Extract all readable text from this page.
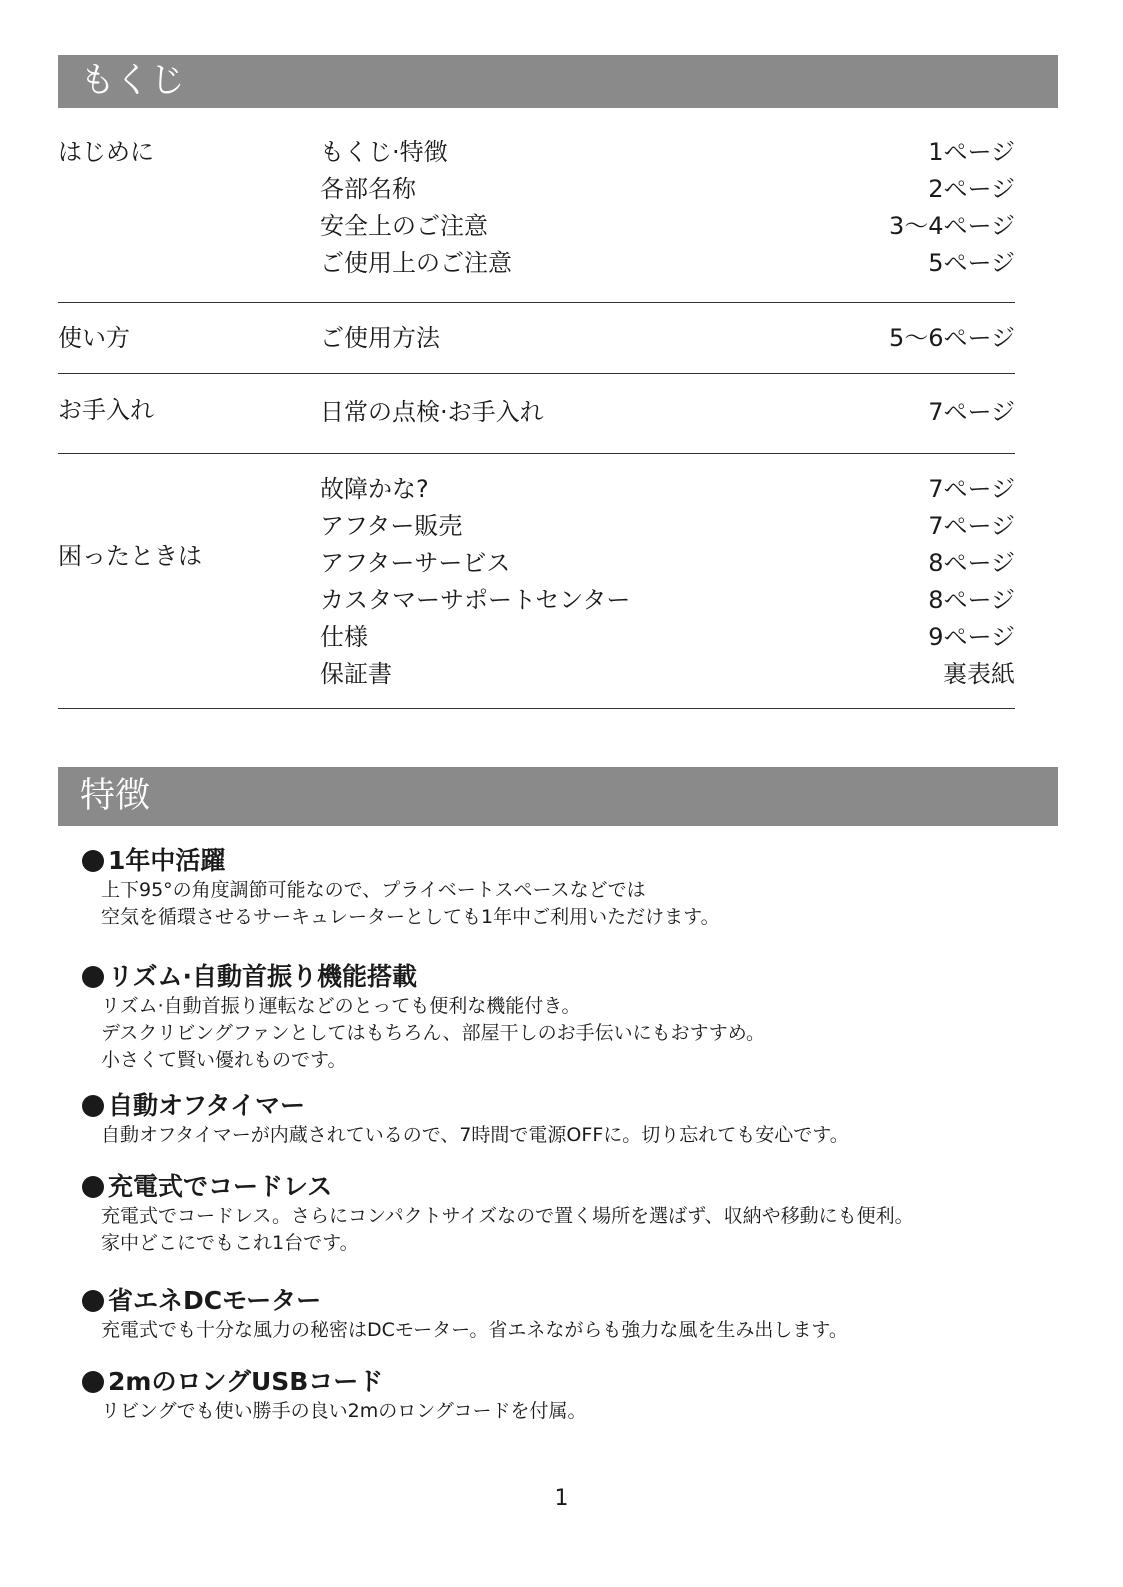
もくじ
はじめに	もくじ·特徴	1ページ
各部名称	2ページ
安全上のご注意	3～4ページ
ご使用上のご注意	5ページ
使い方	ご使用方法	5～6ページ
お手入れ	日常の点検·お手入れ	7ページ
困ったときは
故障かな?	7ページ
アフター販売	7ページ
アフターサービス	8ページ
カスタマーサポートセンター	8ページ
仕様	9ページ
保証書	裏表紙
特徴
1年中活躍
上下95°の角度調節可能なので、プライベートスペースなどでは
空気を循環させるサーキュレーターとしても1年中ご利用いただけます。
リズム·自動首振り機能搭載
リズム·自動首振り運転などのとっても便利な機能付き。
デスクリビングファンとしてはもちろん、部屋干しのお手伝いにもおすすめ。
小さくて賢い優れものです。
自動オフタイマー
自動オフタイマーが内蔵されているので、7時間で電源OFFに。切り忘れても安心です。
充電式でコードレス
充電式でコードレス。さらにコンパクトサイズなので置く場所を選ばず、収納や移動にも便利。
家中どこにでもこれ1台です。
省エネDCモーター
充電式でも十分な風力の秘密はDCモーター。省エネながらも強力な風を生み出します。
2mのロングUSBコード
リビングでも使い勝手の良い2mのロングコードを付属。
1
